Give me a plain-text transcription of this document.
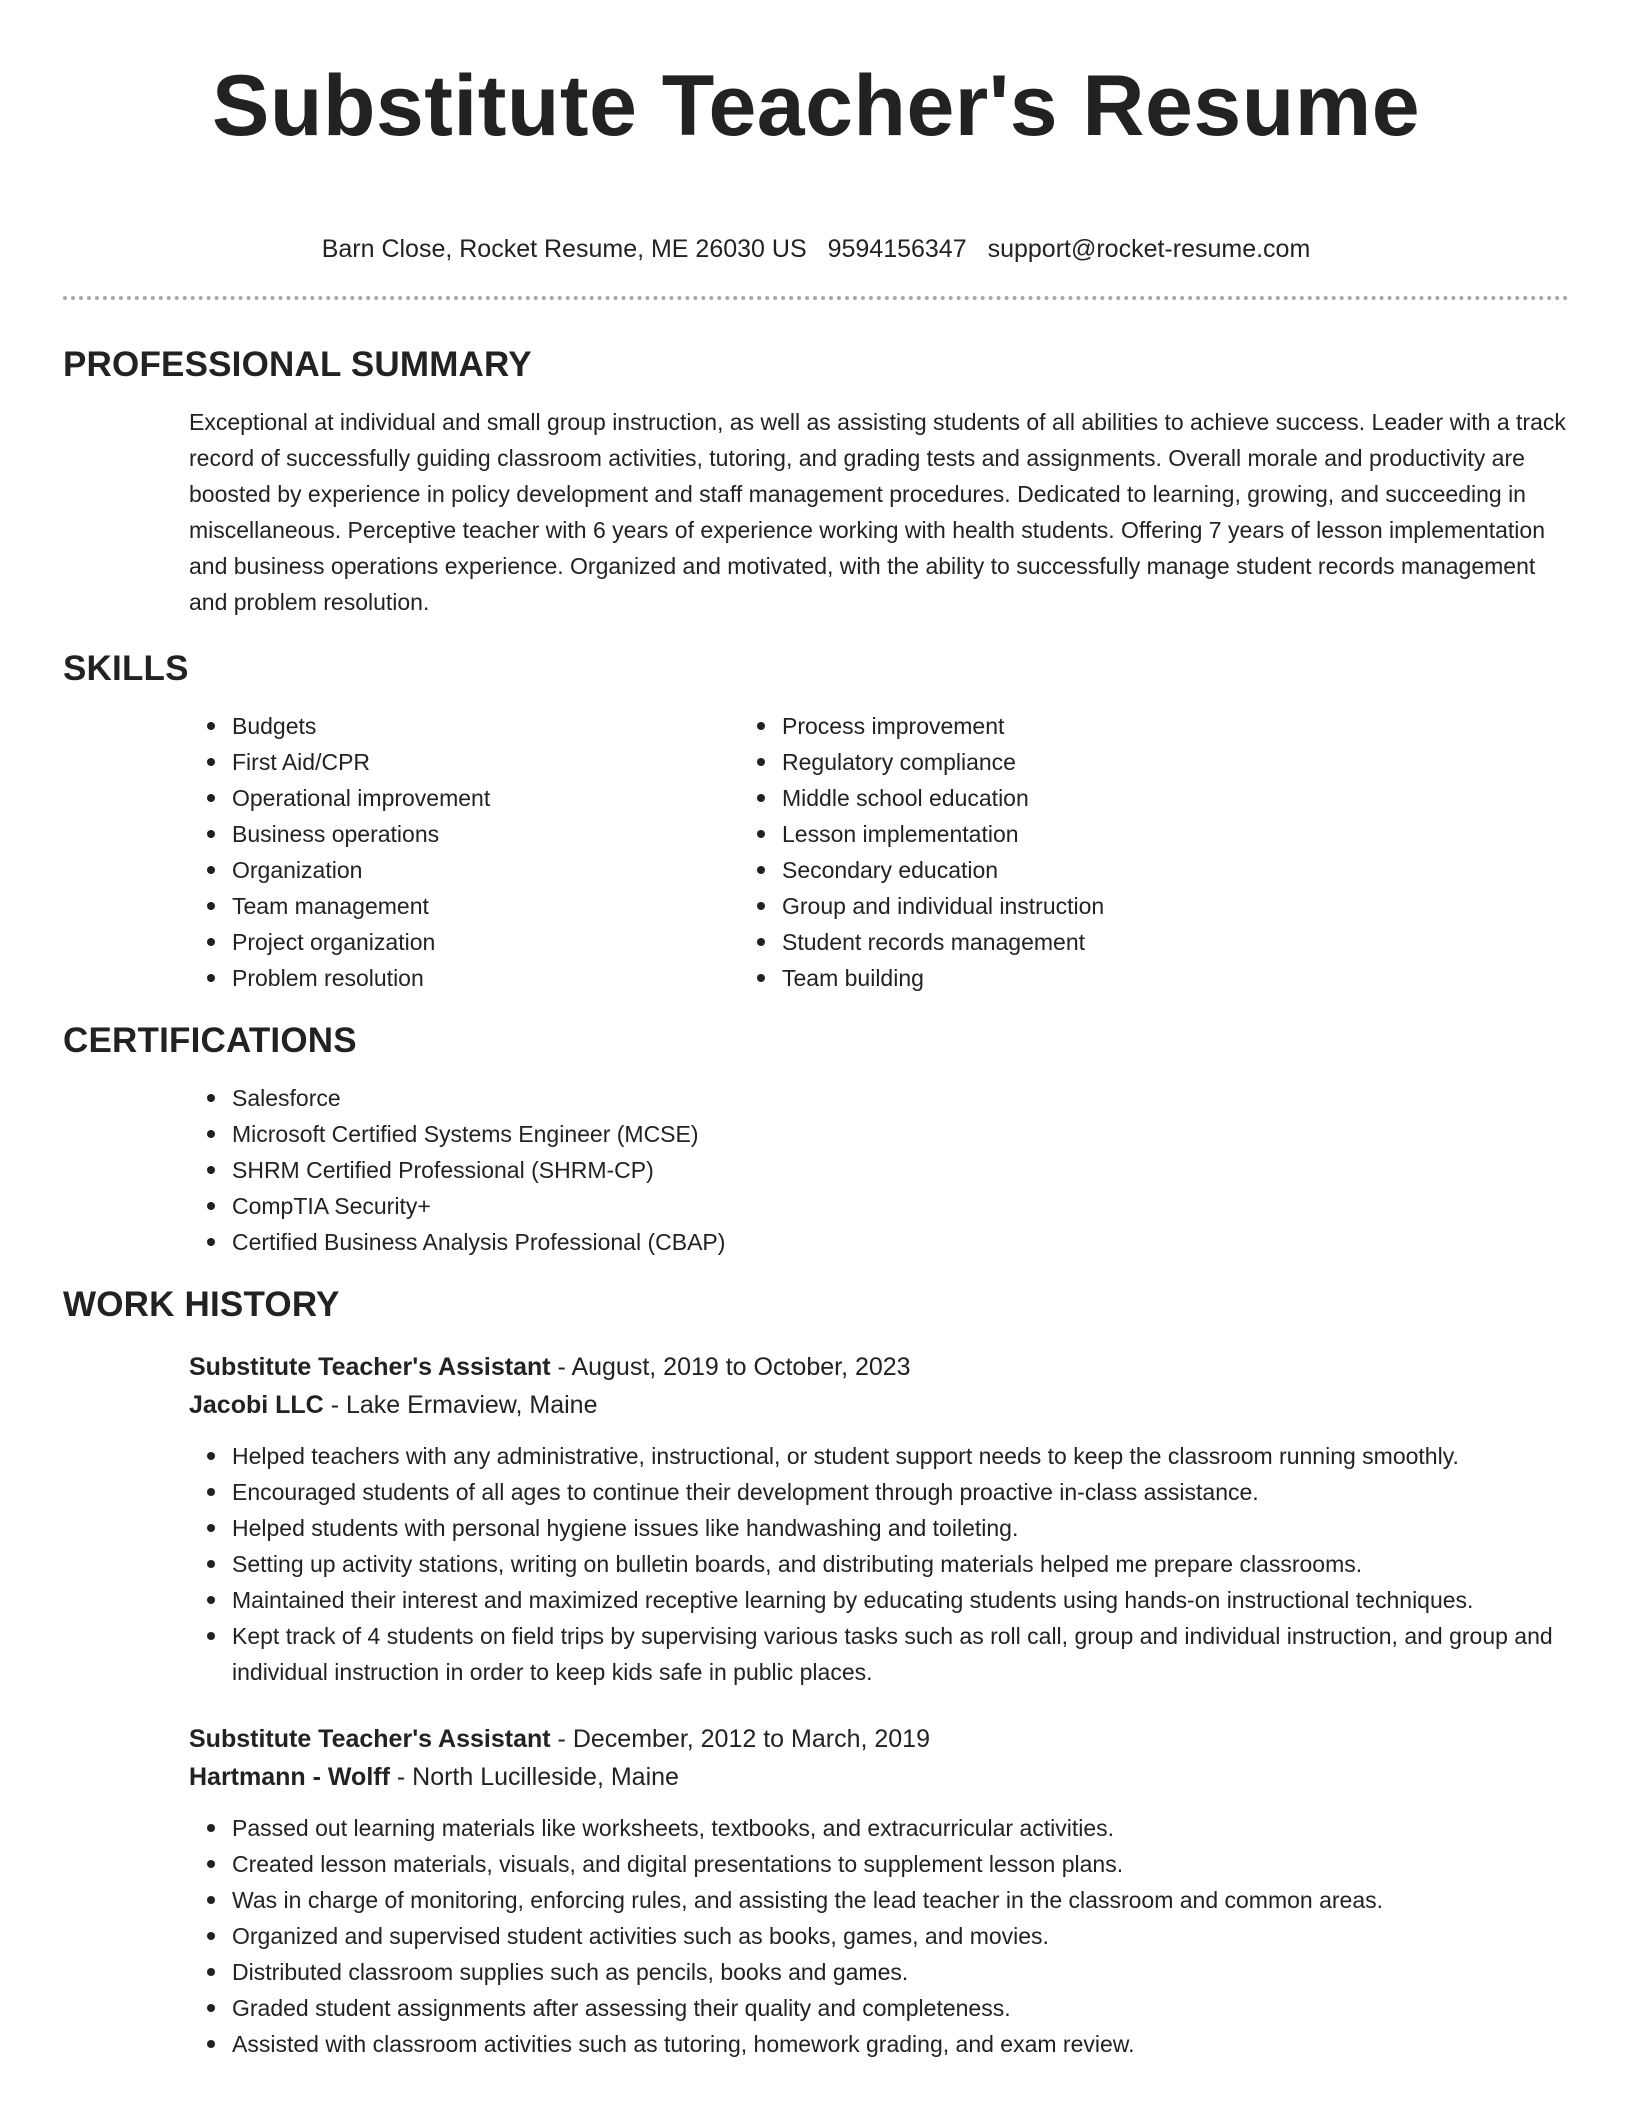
Substitute Teacher's Resume
Barn Close, Rocket Resume, ME 26030 US 9594156347 support@rocket-resume.com
PROFESSIONAL SUMMARY
Exceptional at individual and small group instruction, as well as assisting students of all abilities to achieve success. Leader with a track record of successfully guiding classroom activities, tutoring, and grading tests and assignments. Overall morale and productivity are boosted by experience in policy development and staff management procedures. Dedicated to learning, growing, and succeeding in miscellaneous. Perceptive teacher with 6 years of experience working with health students. Offering 7 years of lesson implementation and business operations experience. Organized and motivated, with the ability to successfully manage student records management and problem resolution.
SKILLS
Budgets
First Aid/CPR
Operational improvement
Business operations
Organization
Team management
Project organization
Problem resolution
Process improvement
Regulatory compliance
Middle school education
Lesson implementation
Secondary education
Group and individual instruction
Student records management
Team building
CERTIFICATIONS
Salesforce
Microsoft Certified Systems Engineer (MCSE)
SHRM Certified Professional (SHRM-CP)
CompTIA Security+
Certified Business Analysis Professional (CBAP)
WORK HISTORY
Substitute Teacher's Assistant - August, 2019 to October, 2023
Jacobi LLC - Lake Ermaview, Maine
Helped teachers with any administrative, instructional, or student support needs to keep the classroom running smoothly.
Encouraged students of all ages to continue their development through proactive in-class assistance.
Helped students with personal hygiene issues like handwashing and toileting.
Setting up activity stations, writing on bulletin boards, and distributing materials helped me prepare classrooms.
Maintained their interest and maximized receptive learning by educating students using hands-on instructional techniques.
Kept track of 4 students on field trips by supervising various tasks such as roll call, group and individual instruction, and group and individual instruction in order to keep kids safe in public places.
Substitute Teacher's Assistant - December, 2012 to March, 2019
Hartmann - Wolff - North Lucilleside, Maine
Passed out learning materials like worksheets, textbooks, and extracurricular activities.
Created lesson materials, visuals, and digital presentations to supplement lesson plans.
Was in charge of monitoring, enforcing rules, and assisting the lead teacher in the classroom and common areas.
Organized and supervised student activities such as books, games, and movies.
Distributed classroom supplies such as pencils, books and games.
Graded student assignments after assessing their quality and completeness.
Assisted with classroom activities such as tutoring, homework grading, and exam review.
